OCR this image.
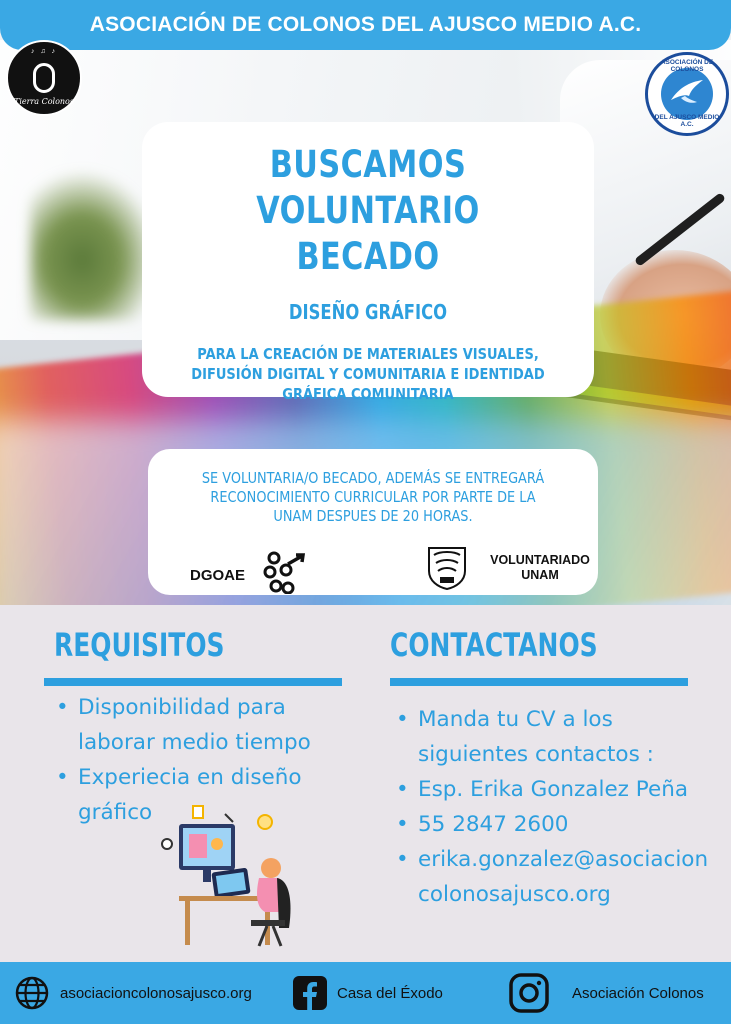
ASOCIACIÓN DE COLONOS DEL AJUSCO MEDIO A.C.
♪ ♫ ♪
Tierra Colonos
ASOCIACIÓN DE COLONOS
DEL AJUSCO MEDIO A.C.
BUSCAMOS VOLUNTARIO
BECADO
DISEÑO GRÁFICO
PARA LA CREACIÓN DE MATERIALES VISUALES,
DIFUSIÓN DIGITAL Y COMUNITARIA E IDENTIDAD
GRÁFICA COMUNITARIA
SE VOLUNTARIA/O BECADO, ADEMÁS SE ENTREGARÁ
RECONOCIMIENTO CURRICULAR POR PARTE DE LA
UNAM DESPUES DE 20 HORAS.
DGOAE
VOLUNTARIADO
UNAM
REQUISITOS
• Disponibilidad para
laborar medio tiempo
• Experiecia en diseño
gráfico
CONTACTANOS
• Manda tu CV a los
siguientes contactos :
• Esp. Erika Gonzalez Peña
• 55 2847 2600
• erika.gonzalez@asociacion
colonosajusco.org
asociacioncolonosajusco.org	Casa del Éxodo	Asociación Colonos
